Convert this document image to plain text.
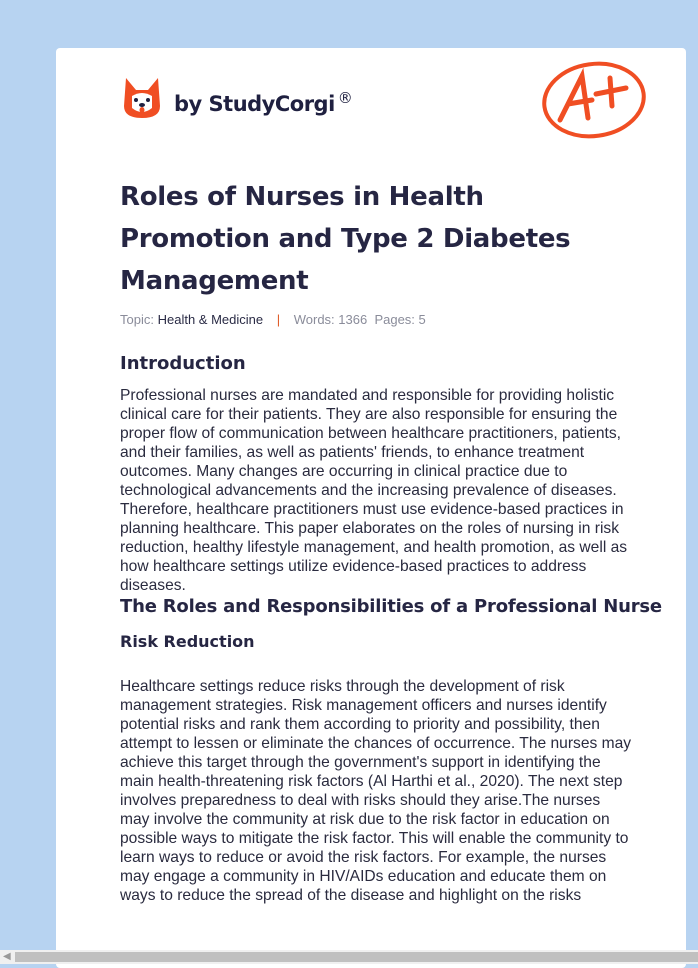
by StudyCorgi ®
Roles of Nurses in Health Promotion and Type 2 Diabetes Management
Topic: Health & Medicine | Words: 1366 Pages: 5
Introduction

Professional nurses are mandated and responsible for providing holistic clinical care for their patients. They are also responsible for ensuring the proper flow of communication between healthcare practitioners, patients, and their families, as well as patients' friends, to enhance treatment outcomes. Many changes are occurring in clinical practice due to technological advancements and the increasing prevalence of diseases. Therefore, healthcare practitioners must use evidence-based practices in planning healthcare. This paper elaborates on the roles of nursing in risk reduction, healthy lifestyle management, and health promotion, as well as how healthcare settings utilize evidence-based practices to address diseases.

The Roles and Responsibilities of a Professional Nurse
Risk Reduction

Healthcare settings reduce risks through the development of risk management strategies. Risk management officers and nurses identify potential risks and rank them according to priority and possibility, then attempt to lessen or eliminate the chances of occurrence. The nurses may achieve this target through the government's support in identifying the main health-threatening risk factors (Al Harthi et al., 2020). The next step involves preparedness to deal with risks should they arise.The nurses may involve the community at risk due to the risk factor in education on possible ways to mitigate the risk factor. This will enable the community to learn ways to reduce or avoid the risk factors. For example, the nurses may engage a community in HIV/AIDs education and educate them on ways to reduce the spread of the disease and highlight on the risks

◀
